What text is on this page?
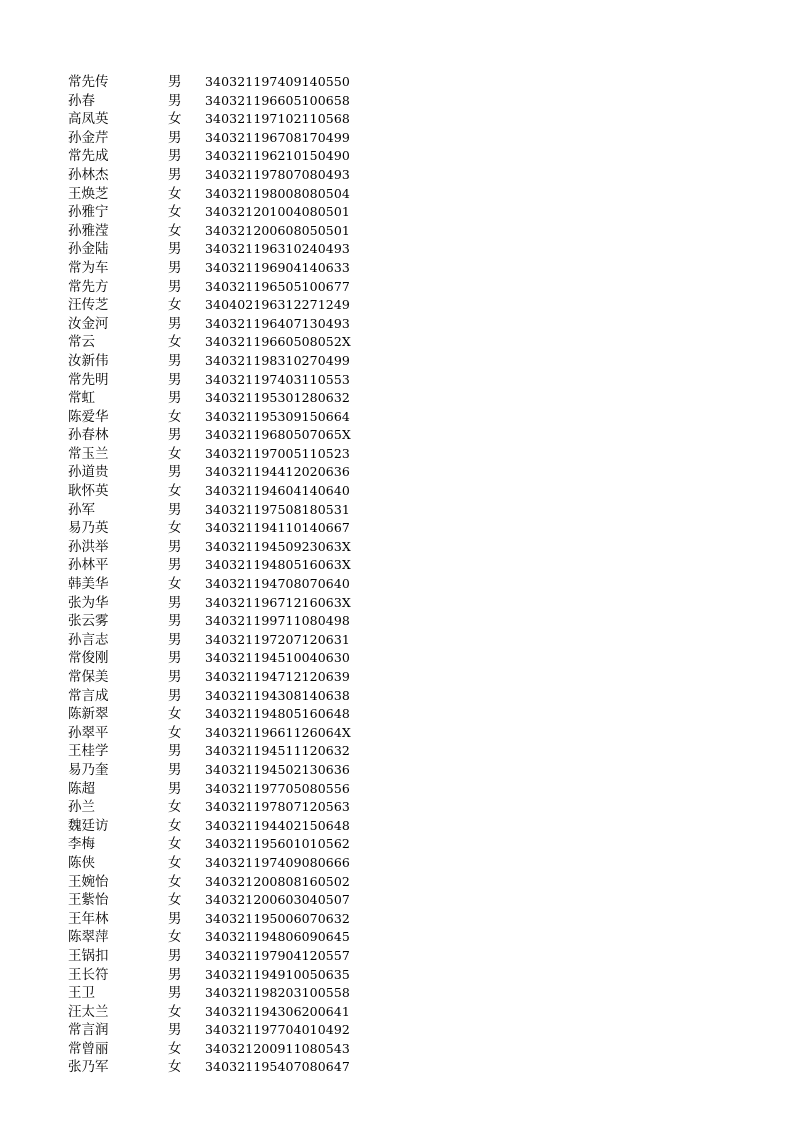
常先传	男 340321197409140550
孙春	男 340321196605100658
高凤英	女 340321197102110568
孙金芹	男 340321196708170499
常先成	男 340321196210150490
孙林杰	男 340321197807080493
王焕芝	女 340321198008080504
孙雅宁	女 340321201004080501
孙雅滢	女 340321200608050501
孙金陆	男 340321196310240493
常为车	男 340321196904140633
常先方	男 340321196505100677
汪传芝	女 340402196312271249
汝金河	男 340321196407130493
常云	女 34032119660508052X
汝新伟	男 340321198310270499
常先明	男 340321197403110553
常虹	男 340321195301280632
陈爱华	女 340321195309150664
孙春林	男 34032119680507065X
常玉兰	女 340321197005110523
孙道贵	男 340321194412020636
耿怀英	女 340321194604140640
孙军	男 340321197508180531
易乃英	女 340321194110140667
孙洪举	男 34032119450923063X
孙林平	男 34032119480516063X
韩美华	女 340321194708070640
张为华	男 34032119671216063X
张云雾	男 340321199711080498
孙言志	男 340321197207120631
常俊刚	男 340321194510040630
常保美	男 340321194712120639
常言成	男 340321194308140638
陈新翠	女 340321194805160648
孙翠平	女 34032119661126064X
王桂学	男 340321194511120632
易乃奎	男 340321194502130636
陈超	男 340321197705080556
孙兰	女 340321197807120563
魏廷访	女 340321194402150648
李梅	女 340321195601010562
陈侠	女 340321197409080666
王婉怡	女 340321200808160502
王紫怡	女 340321200603040507
王年林	男 340321195006070632
陈翠萍	女 340321194806090645
王锅扣	男 340321197904120557
王长符	男 340321194910050635
王卫	男 340321198203100558
汪太兰	女 340321194306200641
常言润	男 340321197704010492
常曾丽	女 340321200911080543
张乃军	女 340321195407080647
